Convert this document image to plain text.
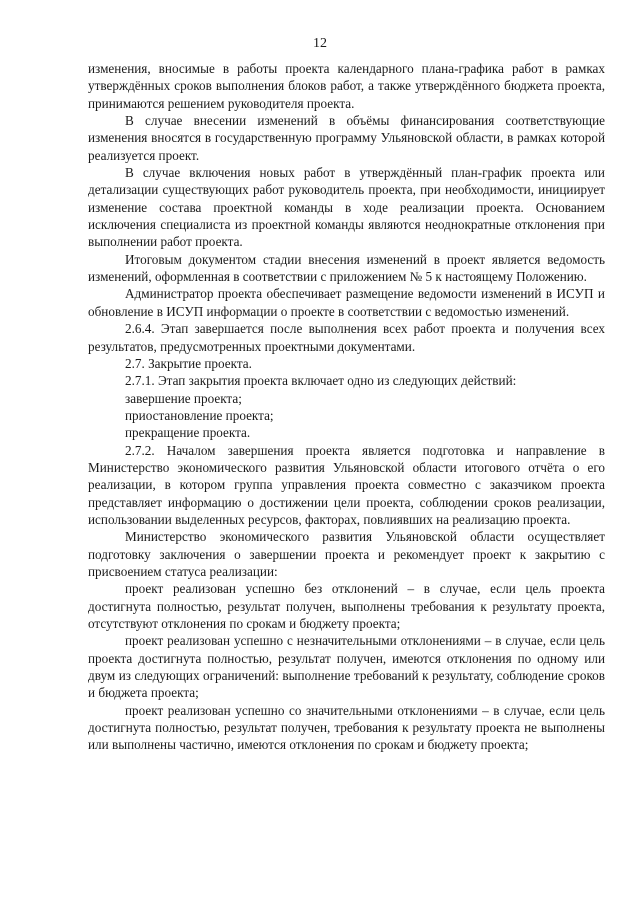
12

изменения, вносимые в работы проекта календарного плана-графика работ в рамках утверждённых сроков выполнения блоков работ, а также утверждённого бюджета проекта, принимаются решением руководителя проекта.

В случае внесении изменений в объёмы финансирования соответствующие изменения вносятся в государственную программу Ульяновской области, в рамках которой реализуется проект.

В случае включения новых работ в утверждённый план-график проекта или детализации существующих работ руководитель проекта, при необходимости, инициирует изменение состава проектной команды в ходе реализации проекта. Основанием исключения специалиста из проектной команды являются неоднократные отклонения при выполнении работ проекта.

Итоговым документом стадии внесения изменений в проект является ведомость изменений, оформленная в соответствии с приложением № 5 к настоящему Положению.

Администратор проекта обеспечивает размещение ведомости изменений в ИСУП и обновление в ИСУП информации о проекте в соответствии с ведомостью изменений.

2.6.4. Этап завершается после выполнения всех работ проекта и получения всех результатов, предусмотренных проектными документами.

2.7. Закрытие проекта.

2.7.1. Этап закрытия проекта включает одно из следующих действий:

завершение проекта;

приостановление проекта;

прекращение проекта.

2.7.2. Началом завершения проекта является подготовка и направление в Министерство экономического развития Ульяновской области итогового отчёта о его реализации, в котором группа управления проекта совместно с заказчиком проекта представляет информацию о достижении цели проекта, соблюдении сроков реализации, использовании выделенных ресурсов, факторах, повлиявших на реализацию проекта.

Министерство экономического развития Ульяновской области осуществляет подготовку заключения о завершении проекта и рекомендует проект к закрытию с присвоением статуса реализации:

проект реализован успешно без отклонений – в случае, если цель проекта достигнута полностью, результат получен, выполнены требования к результату проекта, отсутствуют отклонения по срокам и бюджету проекта;

проект реализован успешно с незначительными отклонениями – в случае, если цель проекта достигнута полностью, результат получен, имеются отклонения по одному или двум из следующих ограничений: выполнение требований к результату, соблюдение сроков и бюджета проекта;

проект реализован успешно со значительными отклонениями – в случае, если цель достигнута полностью, результат получен, требования к результату проекта не выполнены или выполнены частично, имеются отклонения по срокам и бюджету проекта;
